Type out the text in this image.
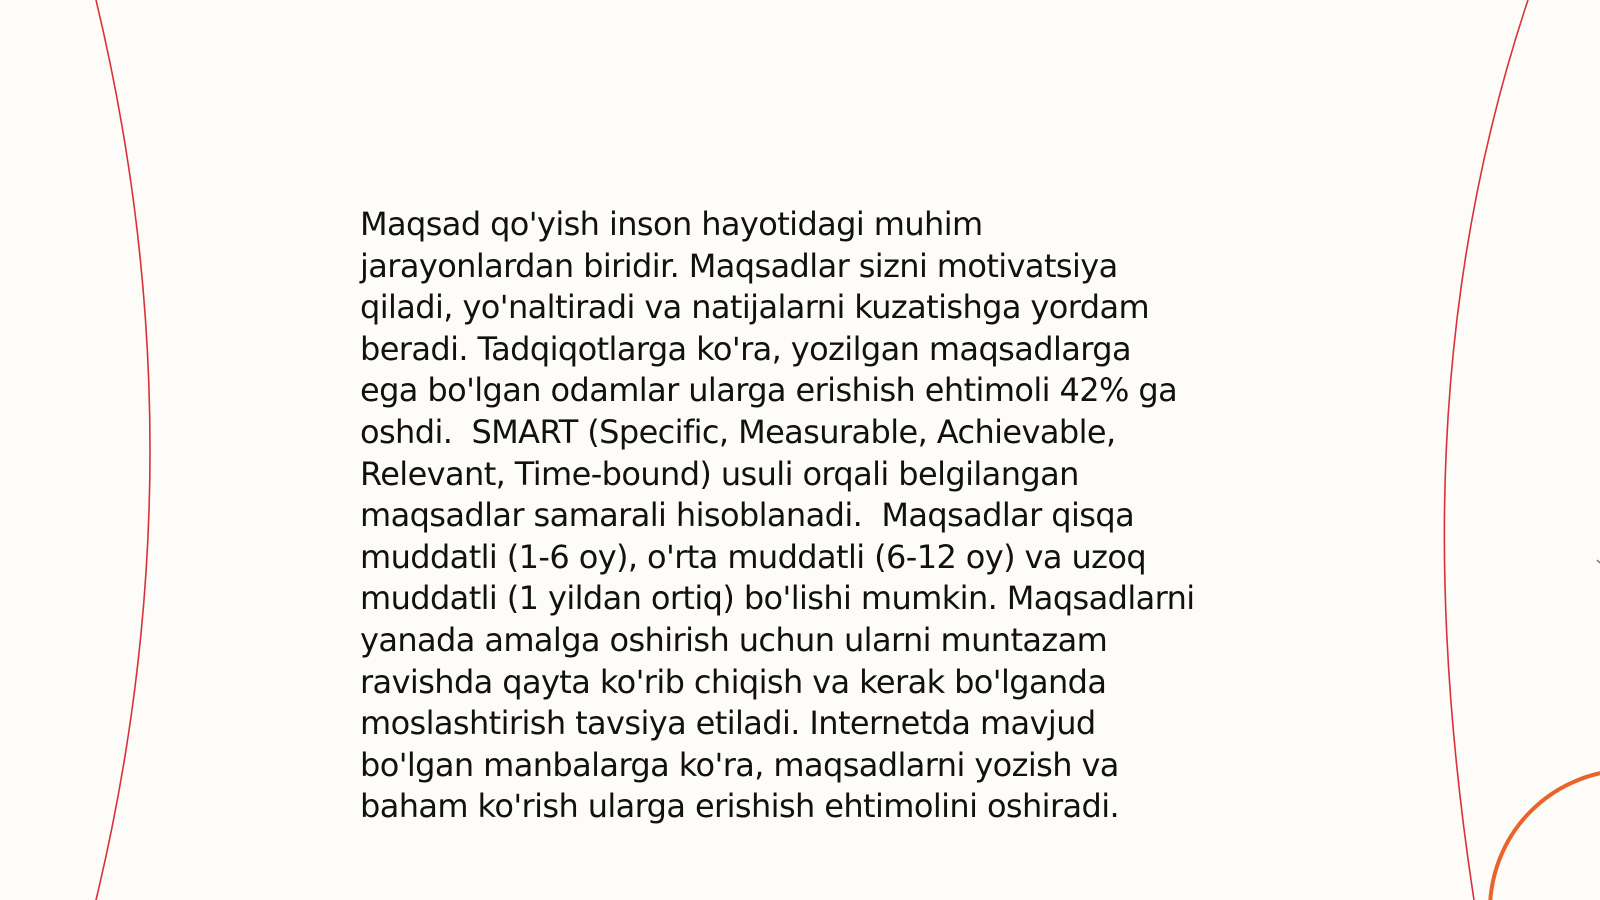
Maqsad qo'yish inson hayotidagi muhim
jarayonlardan biridir. Maqsadlar sizni motivatsiya
qiladi, yo'naltiradi va natijalarni kuzatishga yordam
beradi. Tadqiqotlarga ko'ra, yozilgan maqsadlarga
ega bo'lgan odamlar ularga erishish ehtimoli 42% ga
oshdi.  SMART (Specific, Measurable, Achievable,
Relevant, Time-bound) usuli orqali belgilangan
maqsadlar samarali hisoblanadi.  Maqsadlar qisqa
muddatli (1-6 oy), o'rta muddatli (6-12 oy) va uzoq
muddatli (1 yildan ortiq) bo'lishi mumkin. Maqsadlarni
yanada amalga oshirish uchun ularni muntazam
ravishda qayta ko'rib chiqish va kerak bo'lganda
moslashtirish tavsiya etiladi. Internetda mavjud
bo'lgan manbalarga ko'ra, maqsadlarni yozish va
baham ko'rish ularga erishish ehtimolini oshiradi.
